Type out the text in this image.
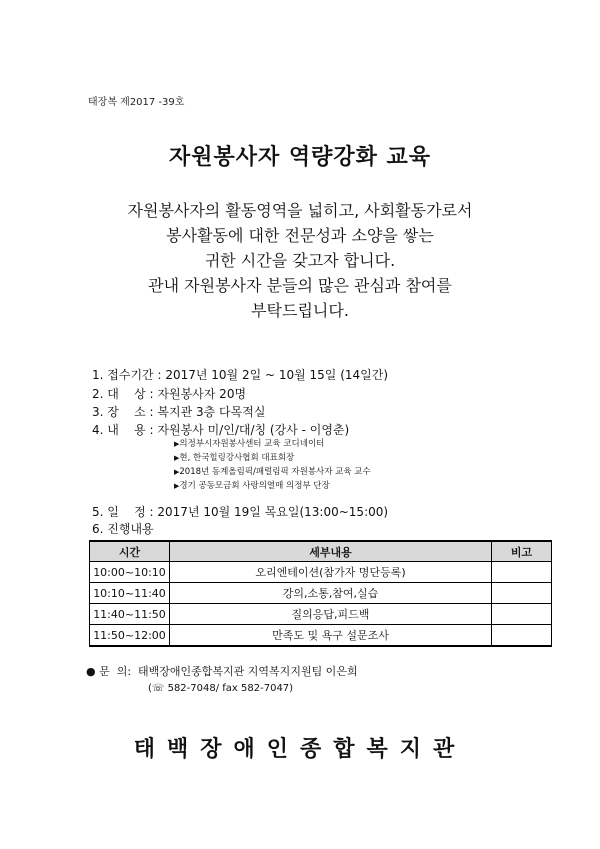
태장복 제2017 -39호
자원봉사자 역량강화 교육
자원봉사자의 활동영역을 넓히고, 사회활동가로서
봉사활동에 대한 전문성과 소양을 쌓는
귀한 시간을 갖고자 합니다.
관내 자원봉사자 분들의 많은 관심과 참여를
부탁드립니다.
1. 접수기간 : 2017년 10월 2일 ~ 10월 15일 (14일간)
2. 대    상 : 자원봉사자 20명
3. 장    소 : 복지관 3층 다목적실
4. 내    용 : 자원봉사 미/인/대/칭 (강사 - 이영춘)
▶의정부시자원봉사센터 교육 코디네이터
▶현, 한국힐링강사협회 대표회장
▶2018년 동계올림픽/패럴림픽 자원봉사자 교육 교수
▶경기 공동모금회 사랑의열매 의정부 단장
5. 일    정 : 2017년 10월 19일 목요일(13:00~15:00)
6. 진행내용
시간	세부내용	비고
10:00~10:10	오리엔테이션(참가자 명단등록)	
10:10~11:40	강의,소통,참여,실습	
11:40~11:50	질의응답,피드백	
11:50~12:00	만족도 및 욕구 설문조사	
● 문  의:  태백장애인종합복지관 지역복지지원팀 이은희
(☏ 582-7048/ fax 582-7047)
태백장애인종합복지관
